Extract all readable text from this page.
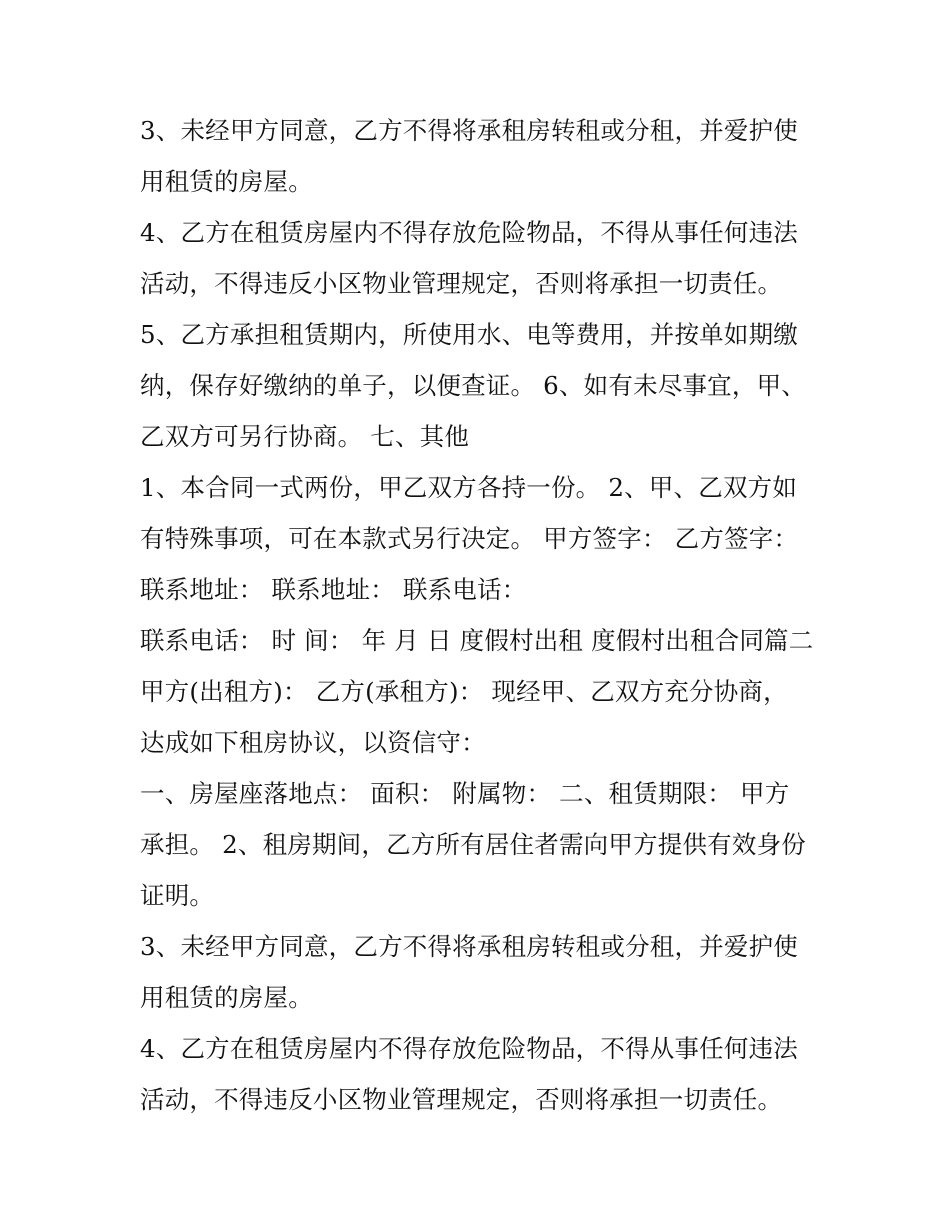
3、未经甲方同意，乙方不得将承租房转租或分租，并爱护使
用租赁的房屋。
4、乙方在租赁房屋内不得存放危险物品，不得从事任何违法
活动，不得违反小区物业管理规定，否则将承担一切责任。
5、乙方承担租赁期内，所使用水、电等费用，并按单如期缴
纳，保存好缴纳的单子，以便查证。 6、如有未尽事宜，甲、
乙双方可另行协商。 七、其他
1、本合同一式两份，甲乙双方各持一份。 2、甲、乙双方如
有特殊事项，可在本款式另行决定。 甲方签字： 乙方签字：
联系地址： 联系地址： 联系电话：
联系电话： 时 间： 年 月 日 度假村出租 度假村出租合同篇二
甲方(出租方)： 乙方(承租方)： 现经甲、乙双方充分协商，
达成如下租房协议，以资信守：
一、房屋座落地点： 面积： 附属物： 二、租赁期限： 甲方
承担。 2、租房期间，乙方所有居住者需向甲方提供有效身份
证明。
3、未经甲方同意，乙方不得将承租房转租或分租，并爱护使
用租赁的房屋。
4、乙方在租赁房屋内不得存放危险物品，不得从事任何违法
活动，不得违反小区物业管理规定，否则将承担一切责任。
